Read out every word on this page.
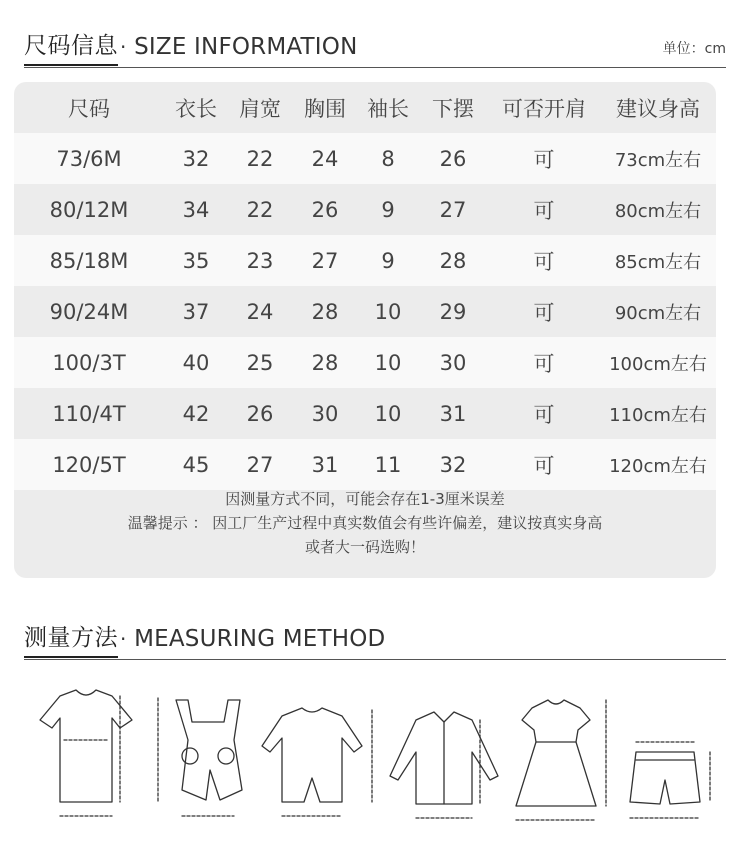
尺码信息 · SIZE INFORMATION	单位：cm
尺码	衣长	肩宽	胸围	袖长	下摆	可否开肩	建议身高
73/6M	32	22	24	8	26	可	73cm左右
80/12M	34	22	26	9	27	可	80cm左右
85/18M	35	23	27	9	28	可	85cm左右
90/24M	37	24	28	10	29	可	90cm左右
100/3T	40	25	28	10	30	可	100cm左右
110/4T	42	26	30	10	31	可	110cm左右
120/5T	45	27	31	11	32	可	120cm左右
因测量方式不同，可能会存在1-3厘米误差
温馨提示 ： 因工厂生产过程中真实数值会有些许偏差，建议按真实身高
或者大一码选购！
测量方法 · MEASURING METHOD
